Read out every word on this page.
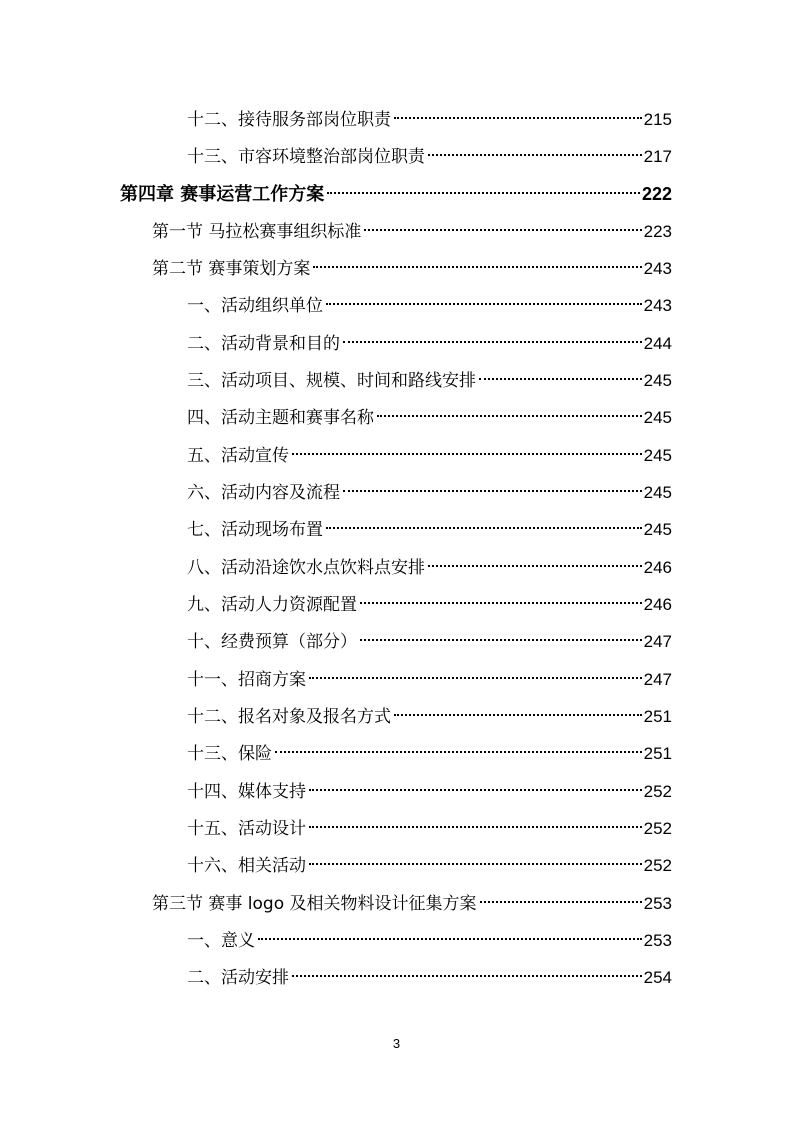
十二、接待服务部岗位职责	215
十三、市容环境整治部岗位职责	217
第四章 赛事运营工作方案	222
第一节 马拉松赛事组织标准	223
第二节 赛事策划方案	243
一、活动组织单位	243
二、活动背景和目的	244
三、活动项目、规模、时间和路线安排	245
四、活动主题和赛事名称	245
五、活动宣传	245
六、活动内容及流程	245
七、活动现场布置	245
八、活动沿途饮水点饮料点安排	246
九、活动人力资源配置	246
十、经费预算（部分）	247
十一、招商方案	247
十二、报名对象及报名方式	251
十三、保险	251
十四、媒体支持	252
十五、活动设计	252
十六、相关活动	252
第三节 赛事 logo 及相关物料设计征集方案	253
一、意义	253
二、活动安排	254
3
